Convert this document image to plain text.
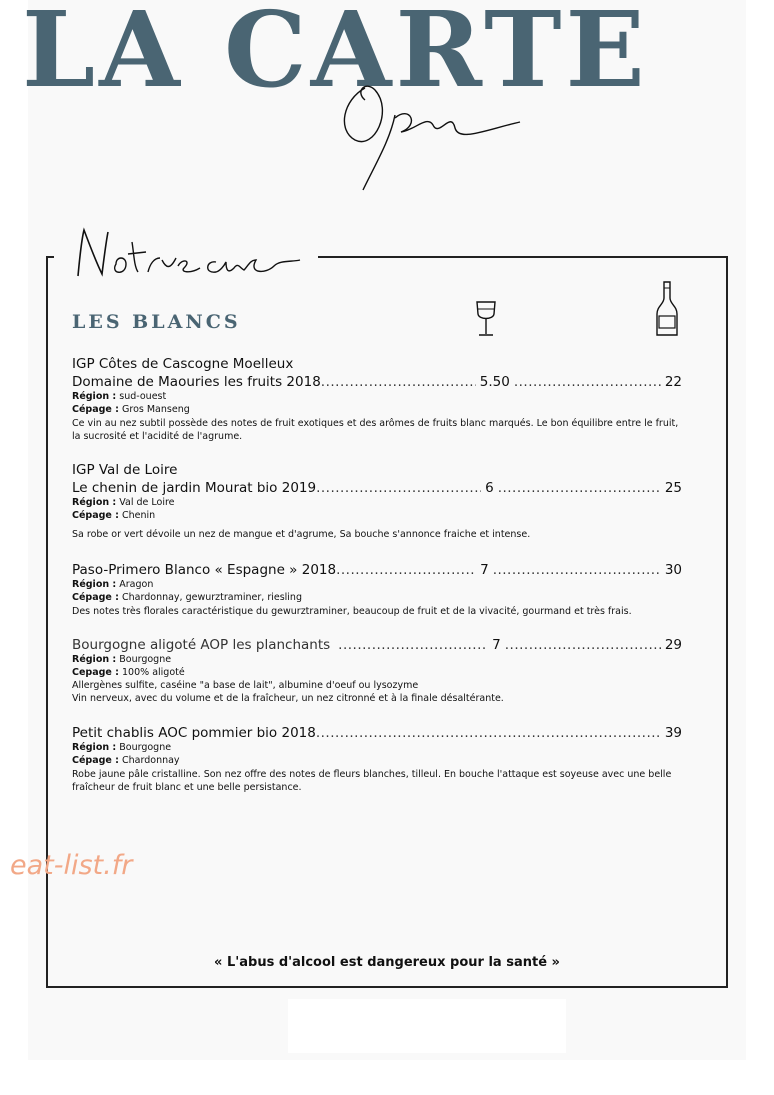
LA CARTE
LES BLANCS
IGP Côtes de Cascogne Moelleux
Domaine de Maouries les fruits 2018 .....	5.50 .....	22
Région : sud-ouest
Cépage : Gros Manseng
Ce vin au nez subtil possède des notes de fruit exotiques et des arômes de fruits blanc marqués. Le bon équilibre entre le fruit, la sucrosité et l'acidité de l'agrume.
IGP Val de Loire
Le chenin de jardin Mourat bio 2019 .....	6 .....	25
Région : Val de Loire
Cépage : Chenin
Sa robe or vert dévoile un nez de mangue et d'agrume, Sa bouche s'annonce fraiche et intense.
Paso-Primero Blanco « Espagne » 2018 .....	7 .....	30
Région : Aragon
Cépage : Chardonnay, gewurztraminer, riesling
Des notes très florales caractéristique du gewurztraminer, beaucoup de fruit et de la vivacité, gourmand et très frais.
Bourgogne aligoté AOP les planchants .....	7 .....	29
Région : Bourgogne
Cepage : 100% aligoté
Allergènes sulfite, caséine "a base de lait", albumine d'oeuf ou lysozyme
Vin nerveux, avec du volume et de la fraîcheur, un nez citronné et à la finale désaltérante.
Petit chablis AOC pommier bio 2018 .....	39
Région : Bourgogne
Cépage : Chardonnay
Robe jaune pâle cristalline. Son nez offre des notes de fleurs blanches, tilleul. En bouche l'attaque est soyeuse avec une belle fraîcheur de fruit blanc et une belle persistance.
eat-list.fr
« L'abus d'alcool est dangereux pour la santé »
